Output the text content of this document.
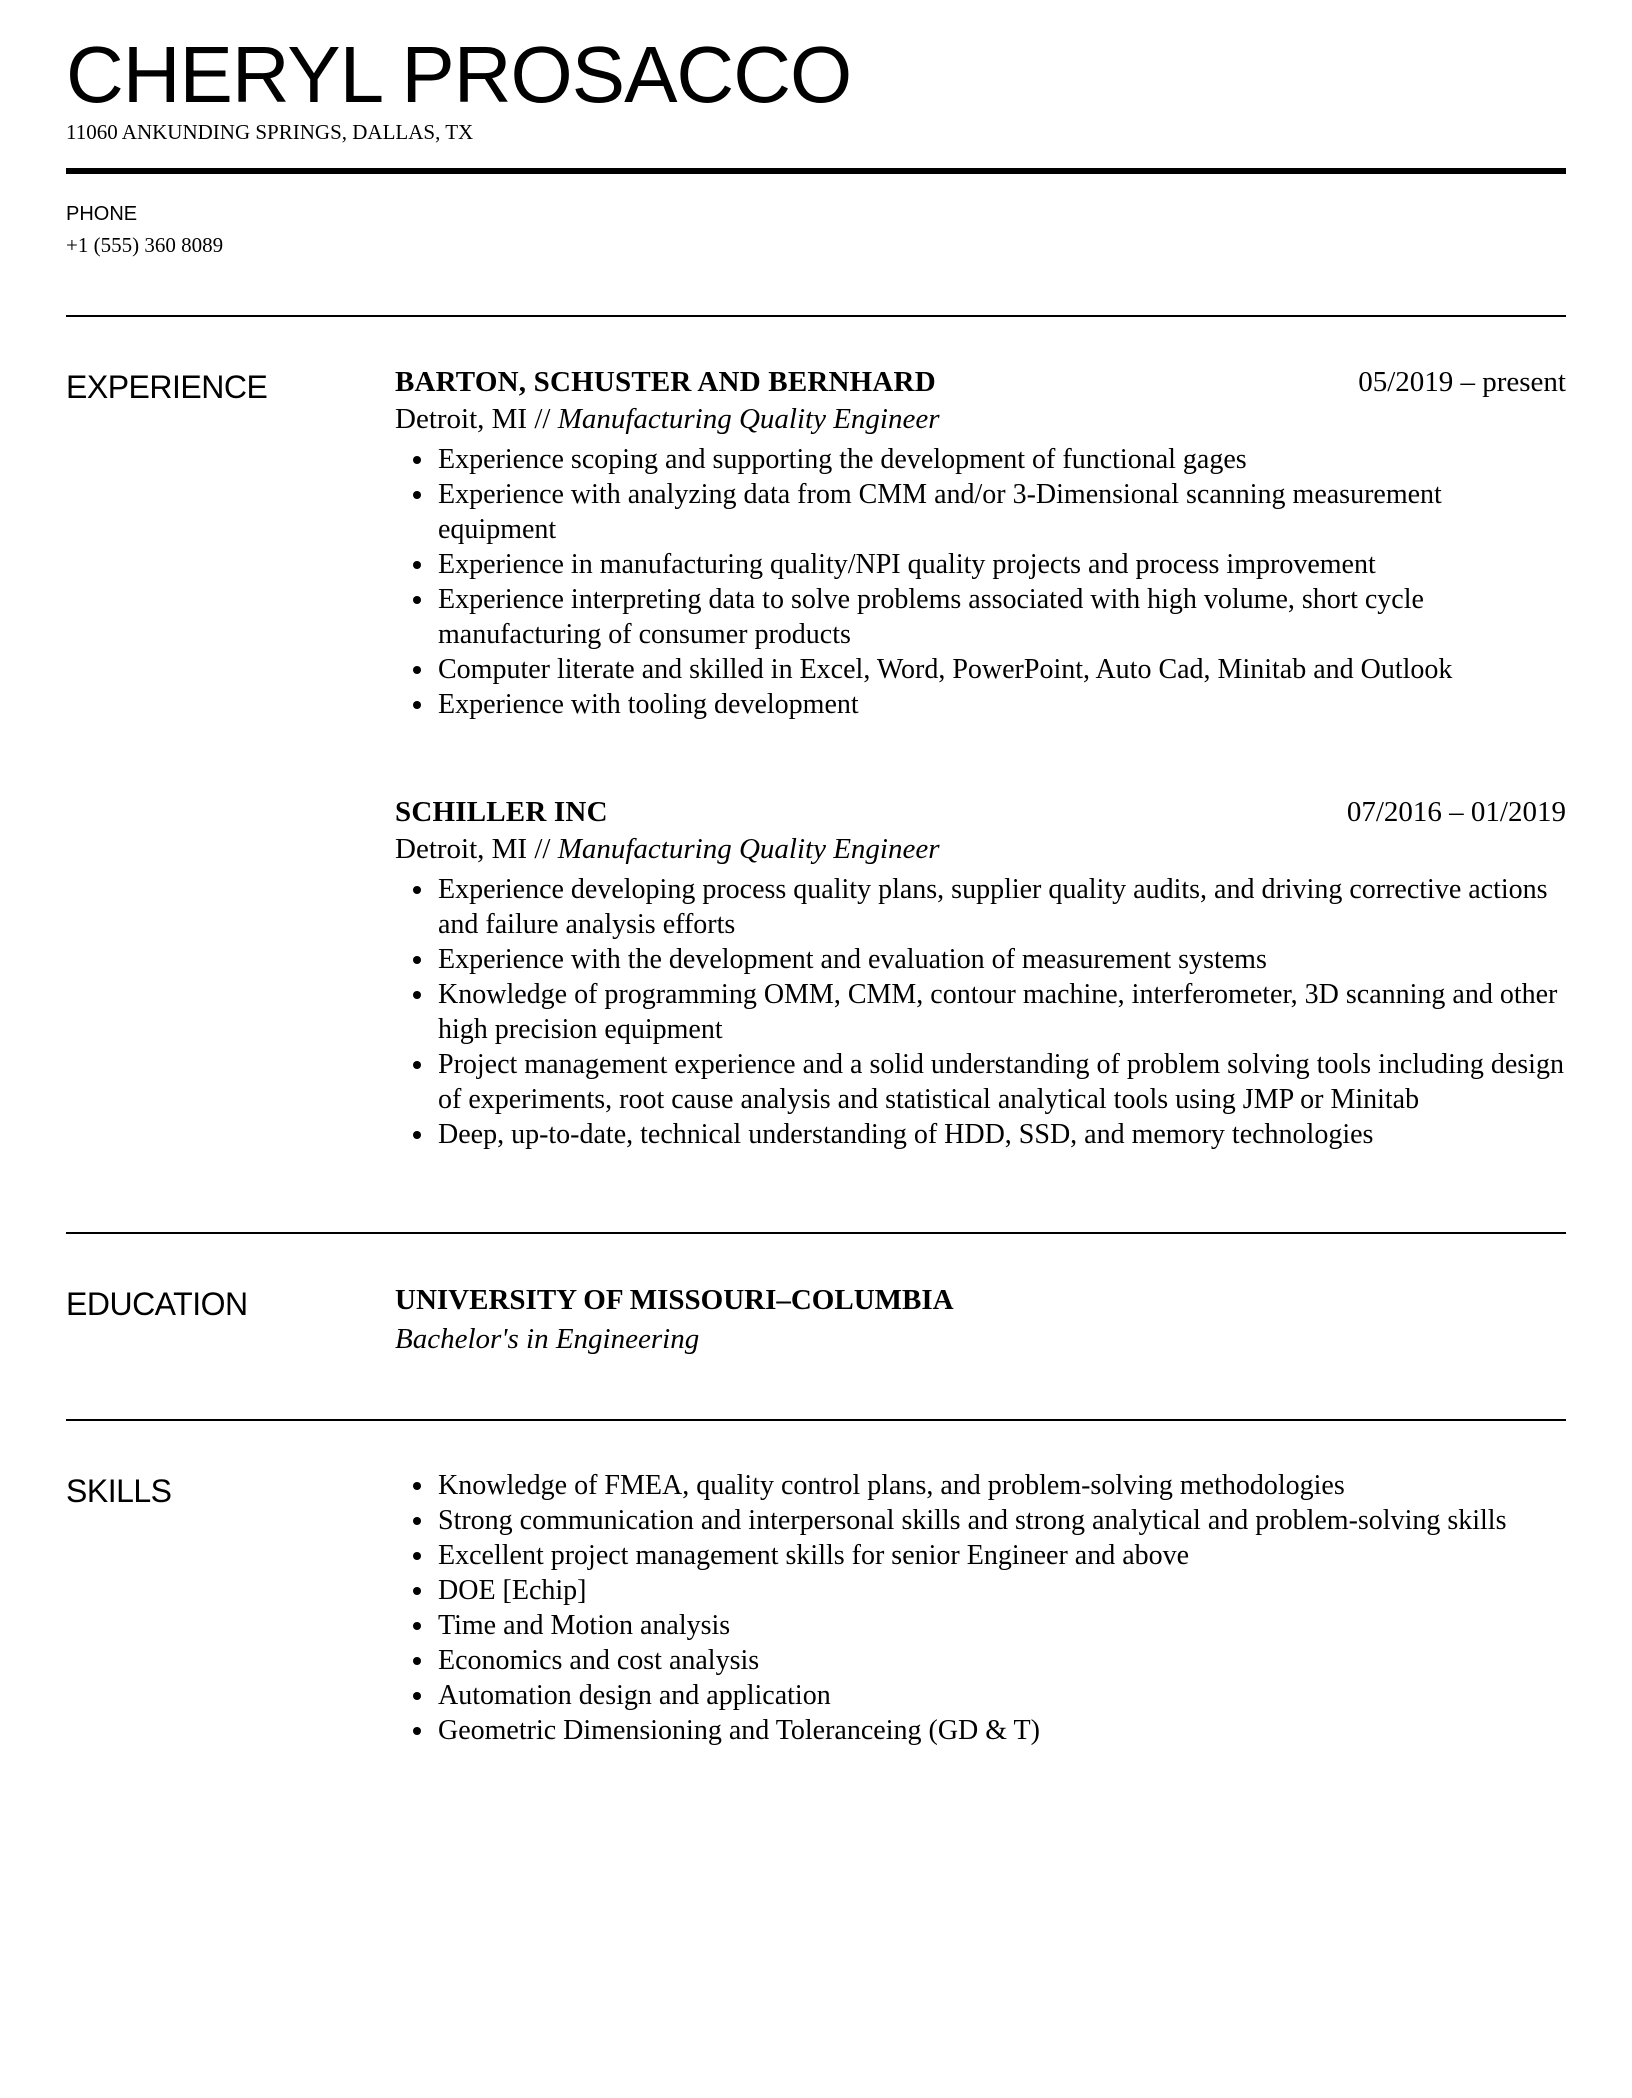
CHERYL PROSACCO
11060 ANKUNDING SPRINGS, DALLAS, TX
PHONE
+1 (555) 360 8089
EXPERIENCE	BARTON, SCHUSTER AND BERNHARD	05/2019 – present
Detroit, MI // Manufacturing Quality Engineer
Experience scoping and supporting the development of functional gages
Experience with analyzing data from CMM and/or 3-Dimensional scanning measurement equipment
Experience in manufacturing quality/NPI quality projects and process improvement
Experience interpreting data to solve problems associated with high volume, short cycle manufacturing of consumer products
Computer literate and skilled in Excel, Word, PowerPoint, Auto Cad, Minitab and Outlook
Experience with tooling development
SCHILLER INC	07/2016 – 01/2019
Detroit, MI // Manufacturing Quality Engineer
Experience developing process quality plans, supplier quality audits, and driving corrective actions and failure analysis efforts
Experience with the development and evaluation of measurement systems
Knowledge of programming OMM, CMM, contour machine, interferometer, 3D scanning and other high precision equipment
Project management experience and a solid understanding of problem solving tools including design of experiments, root cause analysis and statistical analytical tools using JMP or Minitab
Deep, up-to-date, technical understanding of HDD, SSD, and memory technologies
EDUCATION	UNIVERSITY OF MISSOURI–COLUMBIA
Bachelor's in Engineering
SKILLS	Knowledge of FMEA, quality control plans, and problem-solving methodologies
Strong communication and interpersonal skills and strong analytical and problem-solving skills
Excellent project management skills for senior Engineer and above
DOE [Echip]
Time and Motion analysis
Economics and cost analysis
Automation design and application
Geometric Dimensioning and Toleranceing (GD & T)
